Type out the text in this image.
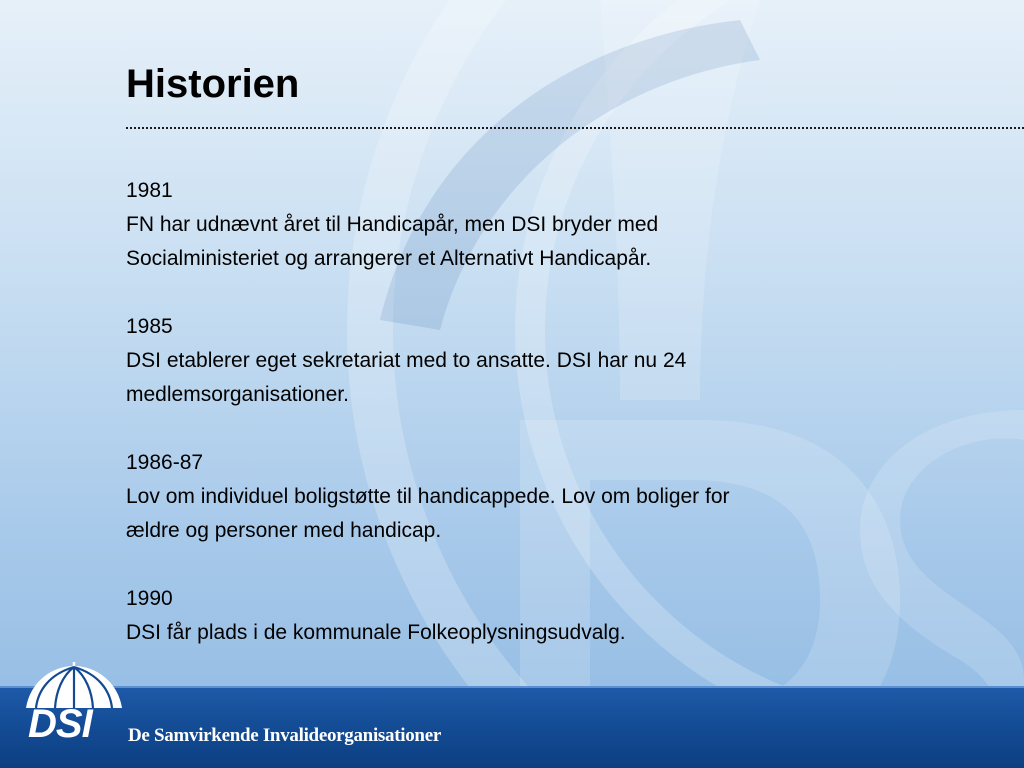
Historien

1981

FN har udnævnt året til Handicapår, men DSI bryder med

Socialministeriet og arrangerer et Alternativt Handicapår.

1985

DSI etablerer eget sekretariat med to ansatte. DSI har nu 24

medlemsorganisationer.

1986-87

Lov om individuel boligstøtte til handicappede. Lov om boliger for

ældre og personer med handicap.

1990

DSI får plads i de kommunale Folkeoplysningsudvalg.

DSI De Samvirkende Invalideorganisationer
